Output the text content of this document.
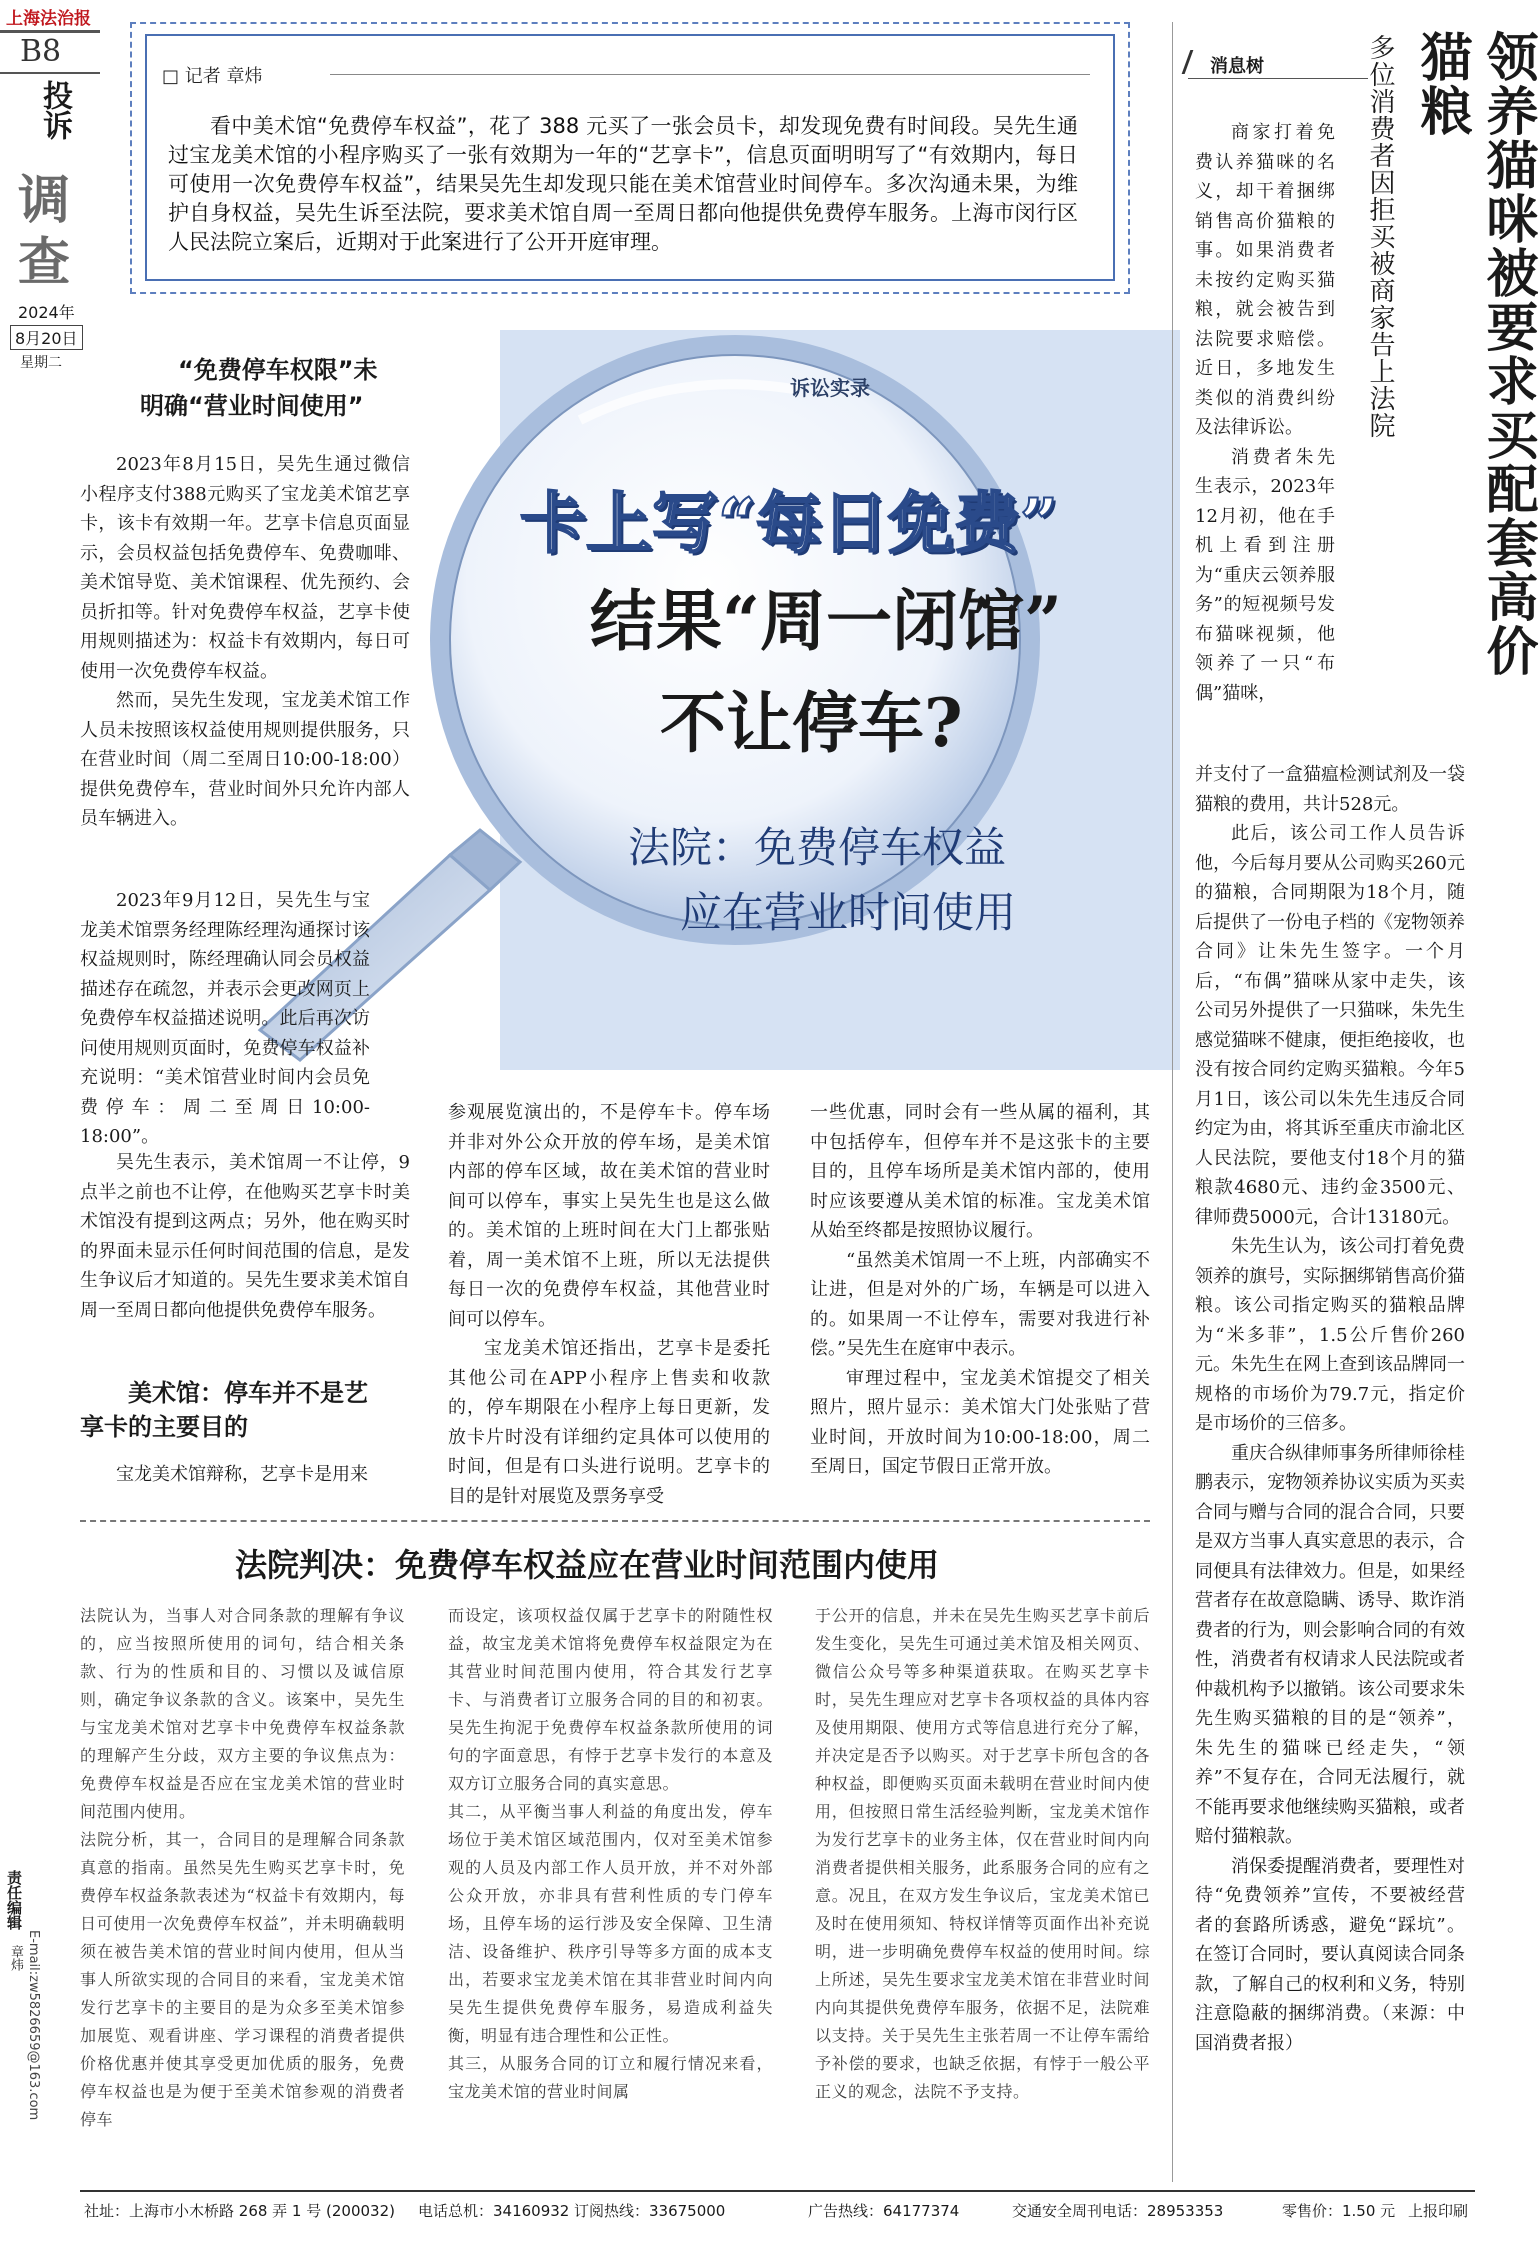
上海法治报
B8
投诉
调
查
2024年
8月20日
星期二
□ 记者 章炜
看中美术馆“免费停车权益”，花了 388 元买了一张会员卡，却发现免费有时间段。吴先生通过宝龙美术馆的小程序购买了一张有效期为一年的“艺享卡”，信息页面明明写了“有效期内，每日可使用一次免费停车权益”，结果吴先生却发现只能在美术馆营业时间停车。多次沟通未果，为维护自身权益，吴先生诉至法院，要求美术馆自周一至周日都向他提供免费停车服务。上海市闵行区人民法院立案后，近期对于此案进行了公开开庭审理。
诉讼实录
卡上写“每日免费”
结果“周一闭馆”
不让停车?
法院：免费停车权益
应在营业时间使用
“免费停车权限”未
明确“营业时间使用”

2023年8月15日，吴先生通过微信小程序支付388元购买了宝龙美术馆艺享卡，该卡有效期一年。艺享卡信息页面显示，会员权益包括免费停车、免费咖啡、美术馆导览、美术馆课程、优先预约、会员折扣等。针对免费停车权益，艺享卡使用规则描述为：权益卡有效期内，每日可使用一次免费停车权益。

然而，吴先生发现，宝龙美术馆工作人员未按照该权益使用规则提供服务，只在营业时间（周二至周日10:00-18:00）提供免费停车，营业时间外只允许内部人员车辆进入。

2023年9月12日，吴先生与宝龙美术馆票务经理陈经理沟通探讨该权益规则时，陈经理确认同会员权益描述存在疏忽，并表示会更改网页上免费停车权益描述说明。此后再次访问使用规则页面时，免费停车权益补充说明：“美术馆营业时间内会员免费停车：周二至周日10:00-18:00”。

吴先生表示，美术馆周一不让停，9点半之前也不让停，在他购买艺享卡时美术馆没有提到这两点；另外，他在购买时的界面未显示任何时间范围的信息，是发生争议后才知道的。吴先生要求美术馆自周一至周日都向他提供免费停车服务。

美术馆：停车并不是艺
享卡的主要目的

宝龙美术馆辩称，艺享卡是用来

参观展览演出的，不是停车卡。停车场并非对外公众开放的停车场，是美术馆内部的停车区域，故在美术馆的营业时间可以停车，事实上吴先生也是这么做的。美术馆的上班时间在大门上都张贴着，周一美术馆不上班，所以无法提供每日一次的免费停车权益，其他营业时间可以停车。

宝龙美术馆还指出，艺享卡是委托其他公司在APP小程序上售卖和收款的，停车期限在小程序上每日更新，发放卡片时没有详细约定具体可以使用的时间，但是有口头进行说明。艺享卡的目的是针对展览及票务享受

一些优惠，同时会有一些从属的福利，其中包括停车，但停车并不是这张卡的主要目的，且停车场所是美术馆内部的，使用时应该要遵从美术馆的标准。宝龙美术馆从始至终都是按照协议履行。

“虽然美术馆周一不上班，内部确实不让进，但是对外的广场，车辆是可以进入的。如果周一不让停车，需要对我进行补偿。”吴先生在庭审中表示。

审理过程中，宝龙美术馆提交了相关照片，照片显示：美术馆大门处张贴了营业时间，开放时间为10:00-18:00，周二至周日，国定节假日正常开放。

法院判决：免费停车权益应在营业时间范围内使用
法院认为，当事人对合同条款的理解有争议的，应当按照所使用的词句，结合相关条款、行为的性质和目的、习惯以及诚信原则，确定争议条款的含义。该案中，吴先生与宝龙美术馆对艺享卡中免费停车权益条款的理解产生分歧，双方主要的争议焦点为：免费停车权益是否应在宝龙美术馆的营业时间范围内使用。
法院分析，其一，合同目的是理解合同条款真意的指南。虽然吴先生购买艺享卡时，免费停车权益条款表述为“权益卡有效期内，每日可使用一次免费停车权益”，并未明确载明须在被告美术馆的营业时间内使用，但从当事人所欲实现的合同目的来看，宝龙美术馆发行艺享卡的主要目的是为众多至美术馆参加展览、观看讲座、学习课程的消费者提供价格优惠并使其享受更加优质的服务，免费停车权益也是为便于至美术馆参观的消费者停车
而设定，该项权益仅属于艺享卡的附随性权益，故宝龙美术馆将免费停车权益限定为在其营业时间范围内使用，符合其发行艺享卡、与消费者订立服务合同的目的和初衷。吴先生拘泥于免费停车权益条款所使用的词句的字面意思，有悖于艺享卡发行的本意及双方订立服务合同的真实意思。
其二，从平衡当事人利益的角度出发，停车场位于美术馆区域范围内，仅对至美术馆参观的人员及内部工作人员开放，并不对外部公众开放，亦非具有营利性质的专门停车场，且停车场的运行涉及安全保障、卫生清洁、设备维护、秩序引导等多方面的成本支出，若要求宝龙美术馆在其非营业时间内向吴先生提供免费停车服务，易造成利益失衡，明显有违合理性和公正性。
其三，从服务合同的订立和履行情况来看，宝龙美术馆的营业时间属
于公开的信息，并未在吴先生购买艺享卡前后发生变化，吴先生可通过美术馆及相关网页、微信公众号等多种渠道获取。在购买艺享卡时，吴先生理应对艺享卡各项权益的具体内容及使用期限、使用方式等信息进行充分了解，并决定是否予以购买。对于艺享卡所包含的各种权益，即便购买页面未载明在营业时间内使用，但按照日常生活经验判断，宝龙美术馆作为发行艺享卡的业务主体，仅在营业时间内向消费者提供相关服务，此系服务合同的应有之意。况且，在双方发生争议后，宝龙美术馆已及时在使用须知、特权详情等页面作出补充说明，进一步明确免费停车权益的使用时间。综上所述，吴先生要求宝龙美术馆在非营业时间内向其提供免费停车服务，依据不足，法院难以支持。关于吴先生主张若周一不让停车需给予补偿的要求，也缺乏依据，有悖于一般公平正义的观念，法院不予支持。
消息树	领养猫咪被要求买配套高价猫粮
多位消费者因拒买被商家告上法院

商家打着免费认养猫咪的名义，却干着捆绑销售高价猫粮的事。如果消费者未按约定购买猫粮，就会被告到法院要求赔偿。近日，多地发生类似的消费纠纷及法律诉讼。

消费者朱先生表示，2023年12月初，他在手机上看到注册为“重庆云领养服务”的短视频号发布猫咪视频，他领养了一只“布偶”猫咪，

并支付了一盒猫瘟检测试剂及一袋猫粮的费用，共计528元。

此后，该公司工作人员告诉他，今后每月要从公司购买260元的猫粮，合同期限为18个月，随后提供了一份电子档的《宠物领养合同》让朱先生签字。一个月后，“布偶”猫咪从家中走失，该公司另外提供了一只猫咪，朱先生感觉猫咪不健康，便拒绝接收，也没有按合同约定购买猫粮。今年5月1日，该公司以朱先生违反合同约定为由，将其诉至重庆市渝北区人民法院，要他支付18个月的猫粮款4680元、违约金3500元、律师费5000元，合计13180元。

朱先生认为，该公司打着免费领养的旗号，实际捆绑销售高价猫粮。该公司指定购买的猫粮品牌为“米多菲”，1.5公斤售价260元。朱先生在网上查到该品牌同一规格的市场价为79.7元，指定价是市场价的三倍多。

重庆合纵律师事务所律师徐桂鹏表示，宠物领养协议实质为买卖合同与赠与合同的混合合同，只要是双方当事人真实意思的表示，合同便具有法律效力。但是，如果经营者存在故意隐瞒、诱导、欺诈消费者的行为，则会影响合同的有效性，消费者有权请求人民法院或者仲裁机构予以撤销。该公司要求朱先生购买猫粮的目的是“领养”，朱先生的猫咪已经走失，“领养”不复存在，合同无法履行，就不能再要求他继续购买猫粮，或者赔付猫粮款。

消保委提醒消费者，要理性对待“免费领养”宣传，不要被经营者的套路所诱惑，避免“踩坑”。在签订合同时，要认真阅读合同条款，了解自己的权利和义务，特别注意隐蔽的捆绑消费。（来源：中国消费者报）

责任编辑
章炜 E-mail:zw5826659@163.com
社址：上海市小木桥路 268 弄 1 号 (200032) 电话总机：34160932 订阅热线：33675000	广告热线：64177374	交通安全周刊电话：28953353	零售价：1.50 元 上报印刷
